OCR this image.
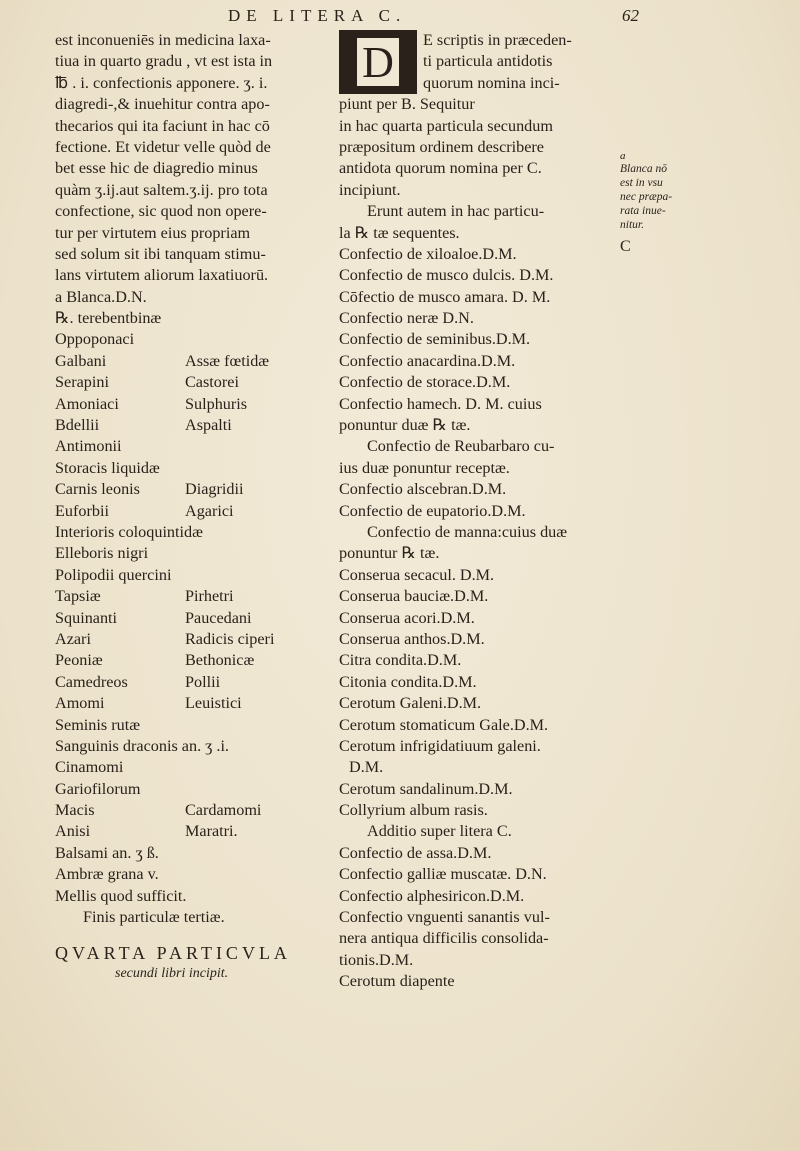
DE LITERA C.	62
est inconueniēs in medicina laxa-
tiua in quarto gradu , vt est ista in
℔ . i. confectionis apponere. ʒ. i.
diagredi-,& inuehitur contra apo-
thecarios qui ita faciunt in hac cō
fectione. Et videtur velle quòd de
bet esse hic de diagredio minus
quàm ʒ.ij.aut saltem.ʒ.ij. pro tota
confectione, sic quod non opere-
tur per virtutem eius propriam
sed solum sit ibi tanquam stimu-
lans virtutem aliorum laxatiuorū.
a Blanca.D.N.
℞. terebentbinæ
Oppoponaci
Galbani	Assæ fœtidæ
Serapini	Castorei
Amoniaci	Sulphuris
Bdellii	Aspalti
Antimonii
Storacis liquidæ
Carnis leonis	Diagridii
Euforbii	Agarici
Interioris coloquintidæ
Elleboris nigri
Polipodii quercini
Tapsiæ	Pirhetri
Squinanti	Paucedani
Azari	Radicis ciperi
Peoniæ	Bethonicæ
Camedreos	Pollii
Amomi	Leuistici
Seminis rutæ
Sanguinis draconis an. ʒ .i.
Cinamomi
Gariofilorum
Macis	Cardamomi
Anisi	Maratri.
Balsami an. ʒ ß.
Ambræ grana v.
Mellis quod sufficit.
Finis particulæ tertiæ.
QVARTA PARTICVLA
secundi libri incipit.
D	E scriptis in præceden-
ti particula antidotis
quorum nomina inci-
piunt per B. Sequitur
in hac quarta particula secundum
præpositum ordinem describere
antidota quorum nomina per C.
incipiunt.
Erunt autem in hac particu-
la ℞ tæ sequentes.
Confectio de xiloaloe.D.M.
Confectio de musco dulcis. D.M.
Cōfectio de musco amara. D. M.
Confectio neræ D.N.
Confectio de seminibus.D.M.
Confectio anacardina.D.M.
Confectio de storace.D.M.
Confectio hamech. D. M. cuius
ponuntur duæ ℞ tæ.
Confectio de Reubarbaro cu-
ius duæ ponuntur receptæ.
Confectio alscebran.D.M.
Confectio de eupatorio.D.M.
Confectio de manna:cuius duæ
ponuntur ℞ tæ.
Conserua secacul. D.M.
Conserua bauciæ.D.M.
Conserua acori.D.M.
Conserua anthos.D.M.
Citra condita.D.M.
Citonia condita.D.M.
Cerotum Galeni.D.M.
Cerotum stomaticum Gale.D.M.
Cerotum infrigidatiuum galeni.
D.M.
Cerotum sandalinum.D.M.
Collyrium album rasis.
Additio super litera C.
Confectio de assa.D.M.
Confectio galliæ muscatæ. D.N.
Confectio alphesiricon.D.M.
Confectio vnguenti sanantis vul-
nera antiqua difficilis consolida-
tionis.D.M.
Cerotum diapente
a
Blanca nō
est in vsu
nec præpa-
rata inue-
nitur.
C
